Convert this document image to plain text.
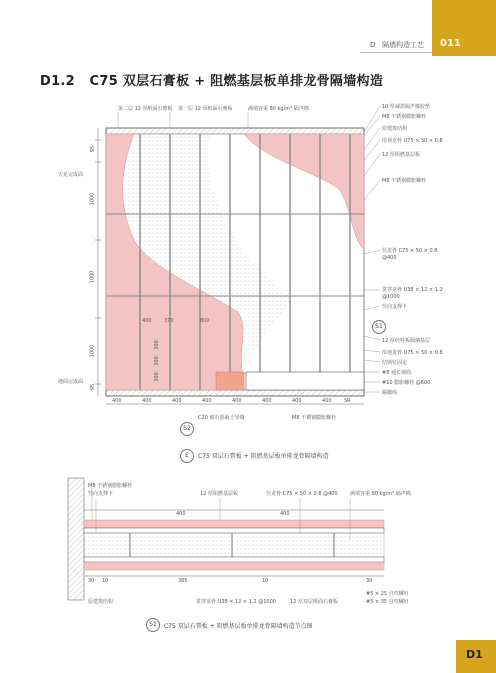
011
D 隔墙构造工艺
D1.2 C75 双层石膏板 + 阻燃基层板单排龙骨隔墙构造
第二层 12 厚纸面石膏板 第一层 12 厚纸面石膏板	满填容重 80 kg/m³ 隔声棉	10 厚减震隔声橡胶垫
M8 不锈钢膨胀螺栓
原建筑结构
沿顶龙骨 U75 × 50 × 0.8
12 厚阻燃基层板
M8 不锈钢膨胀螺栓
竖龙骨 C75 × 50 × 0.8
@400
贯穿龙骨 U38 × 12 × 1.2
@1000
竖向支撑卡
12 厚绞特板隔墙基层
沿地龙骨 U75 × 50 × 0.8
结锁钉固定
#8 通长钢筋
#10 膨胀螺栓 @600
踢脚线
S1
天花完成面
地面完成面
95
1000
1000
1000
95
400 370	800
300
300
300
400	400	400	400	400	400	400	400 SR
C20 细石混凝土导墙	M8 不锈钢膨胀螺栓
S2
E	C75 双层石膏板 + 阻燃基层板单排龙骨隔墙构造
M8 不锈钢膨胀螺栓
竖向支撑卡	12 厚阻燃基层板	竖龙骨 C75 × 50 × 0.8 @400 满填容重 80 kg/m³ 隔声棉
400	400
30 10	385	10	30
原建筑结构	贯穿龙骨 U38 × 12 × 1.2 @1000	12 厚双层纸面石膏板
#5 × 25 自攻螺钉
#5 × 35 自攻螺钉
S1	C75 双层石膏板 + 阻燃基层板单排龙骨隔墙构造节点图
D1
